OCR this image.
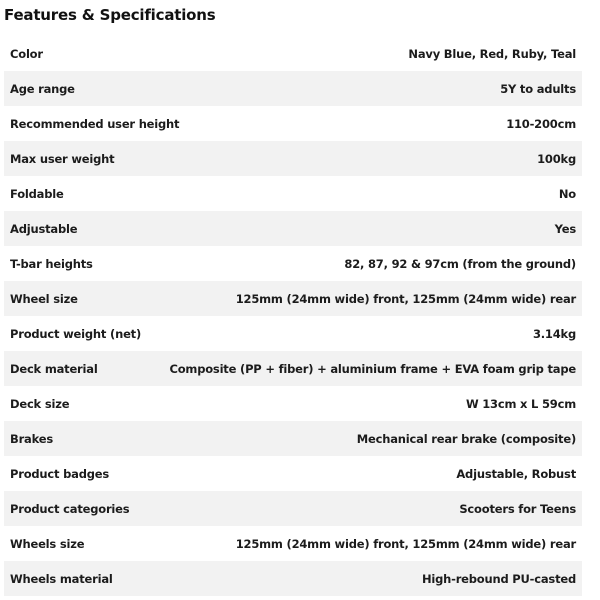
Features & Specifications
Color	Navy Blue, Red, Ruby, Teal
Age range	5Y to adults
Recommended user height	110-200cm
Max user weight	100kg
Foldable	No
Adjustable	Yes
T-bar heights	82, 87, 92 & 97cm (from the ground)
Wheel size	125mm (24mm wide) front, 125mm (24mm wide) rear
Product weight (net)	3.14kg
Deck material	Composite (PP + fiber) + aluminium frame + EVA foam grip tape
Deck size	W 13cm x L 59cm
Brakes	Mechanical rear brake (composite)
Product badges	Adjustable, Robust
Product categories	Scooters for Teens
Wheels size	125mm (24mm wide) front, 125mm (24mm wide) rear
Wheels material	High-rebound PU-casted
